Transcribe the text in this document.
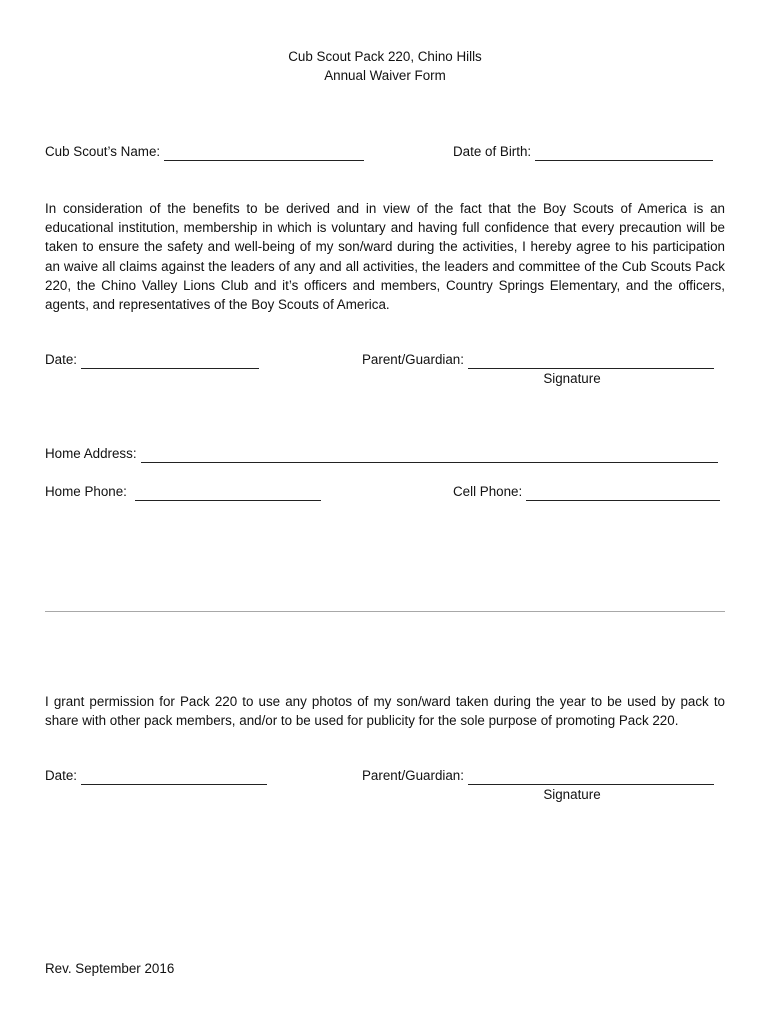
Cub Scout Pack 220, Chino Hills
Annual Waiver Form
Cub Scout’s Name:	Date of Birth:
In consideration of the benefits to be derived and in view of the fact that the Boy Scouts of America is an educational institution, membership in which is voluntary and having full confidence that every precaution will be taken to ensure the safety and well-being of my son/ward during the activities, I hereby agree to his participation an waive all claims against the leaders of any and all activities, the leaders and committee of the Cub Scouts Pack 220, the Chino Valley Lions Club and it’s officers and members, Country Springs Elementary, and the officers, agents, and representatives of the Boy Scouts of America.
Date:	Parent/Guardian:
Signature
Home Address:
Home Phone:	Cell Phone:
I grant permission for Pack 220 to use any photos of my son/ward taken during the year to be used by pack to share with other pack members, and/or to be used for publicity for the sole purpose of promoting Pack 220.
Date:	Parent/Guardian:
Signature
Rev. September 2016
